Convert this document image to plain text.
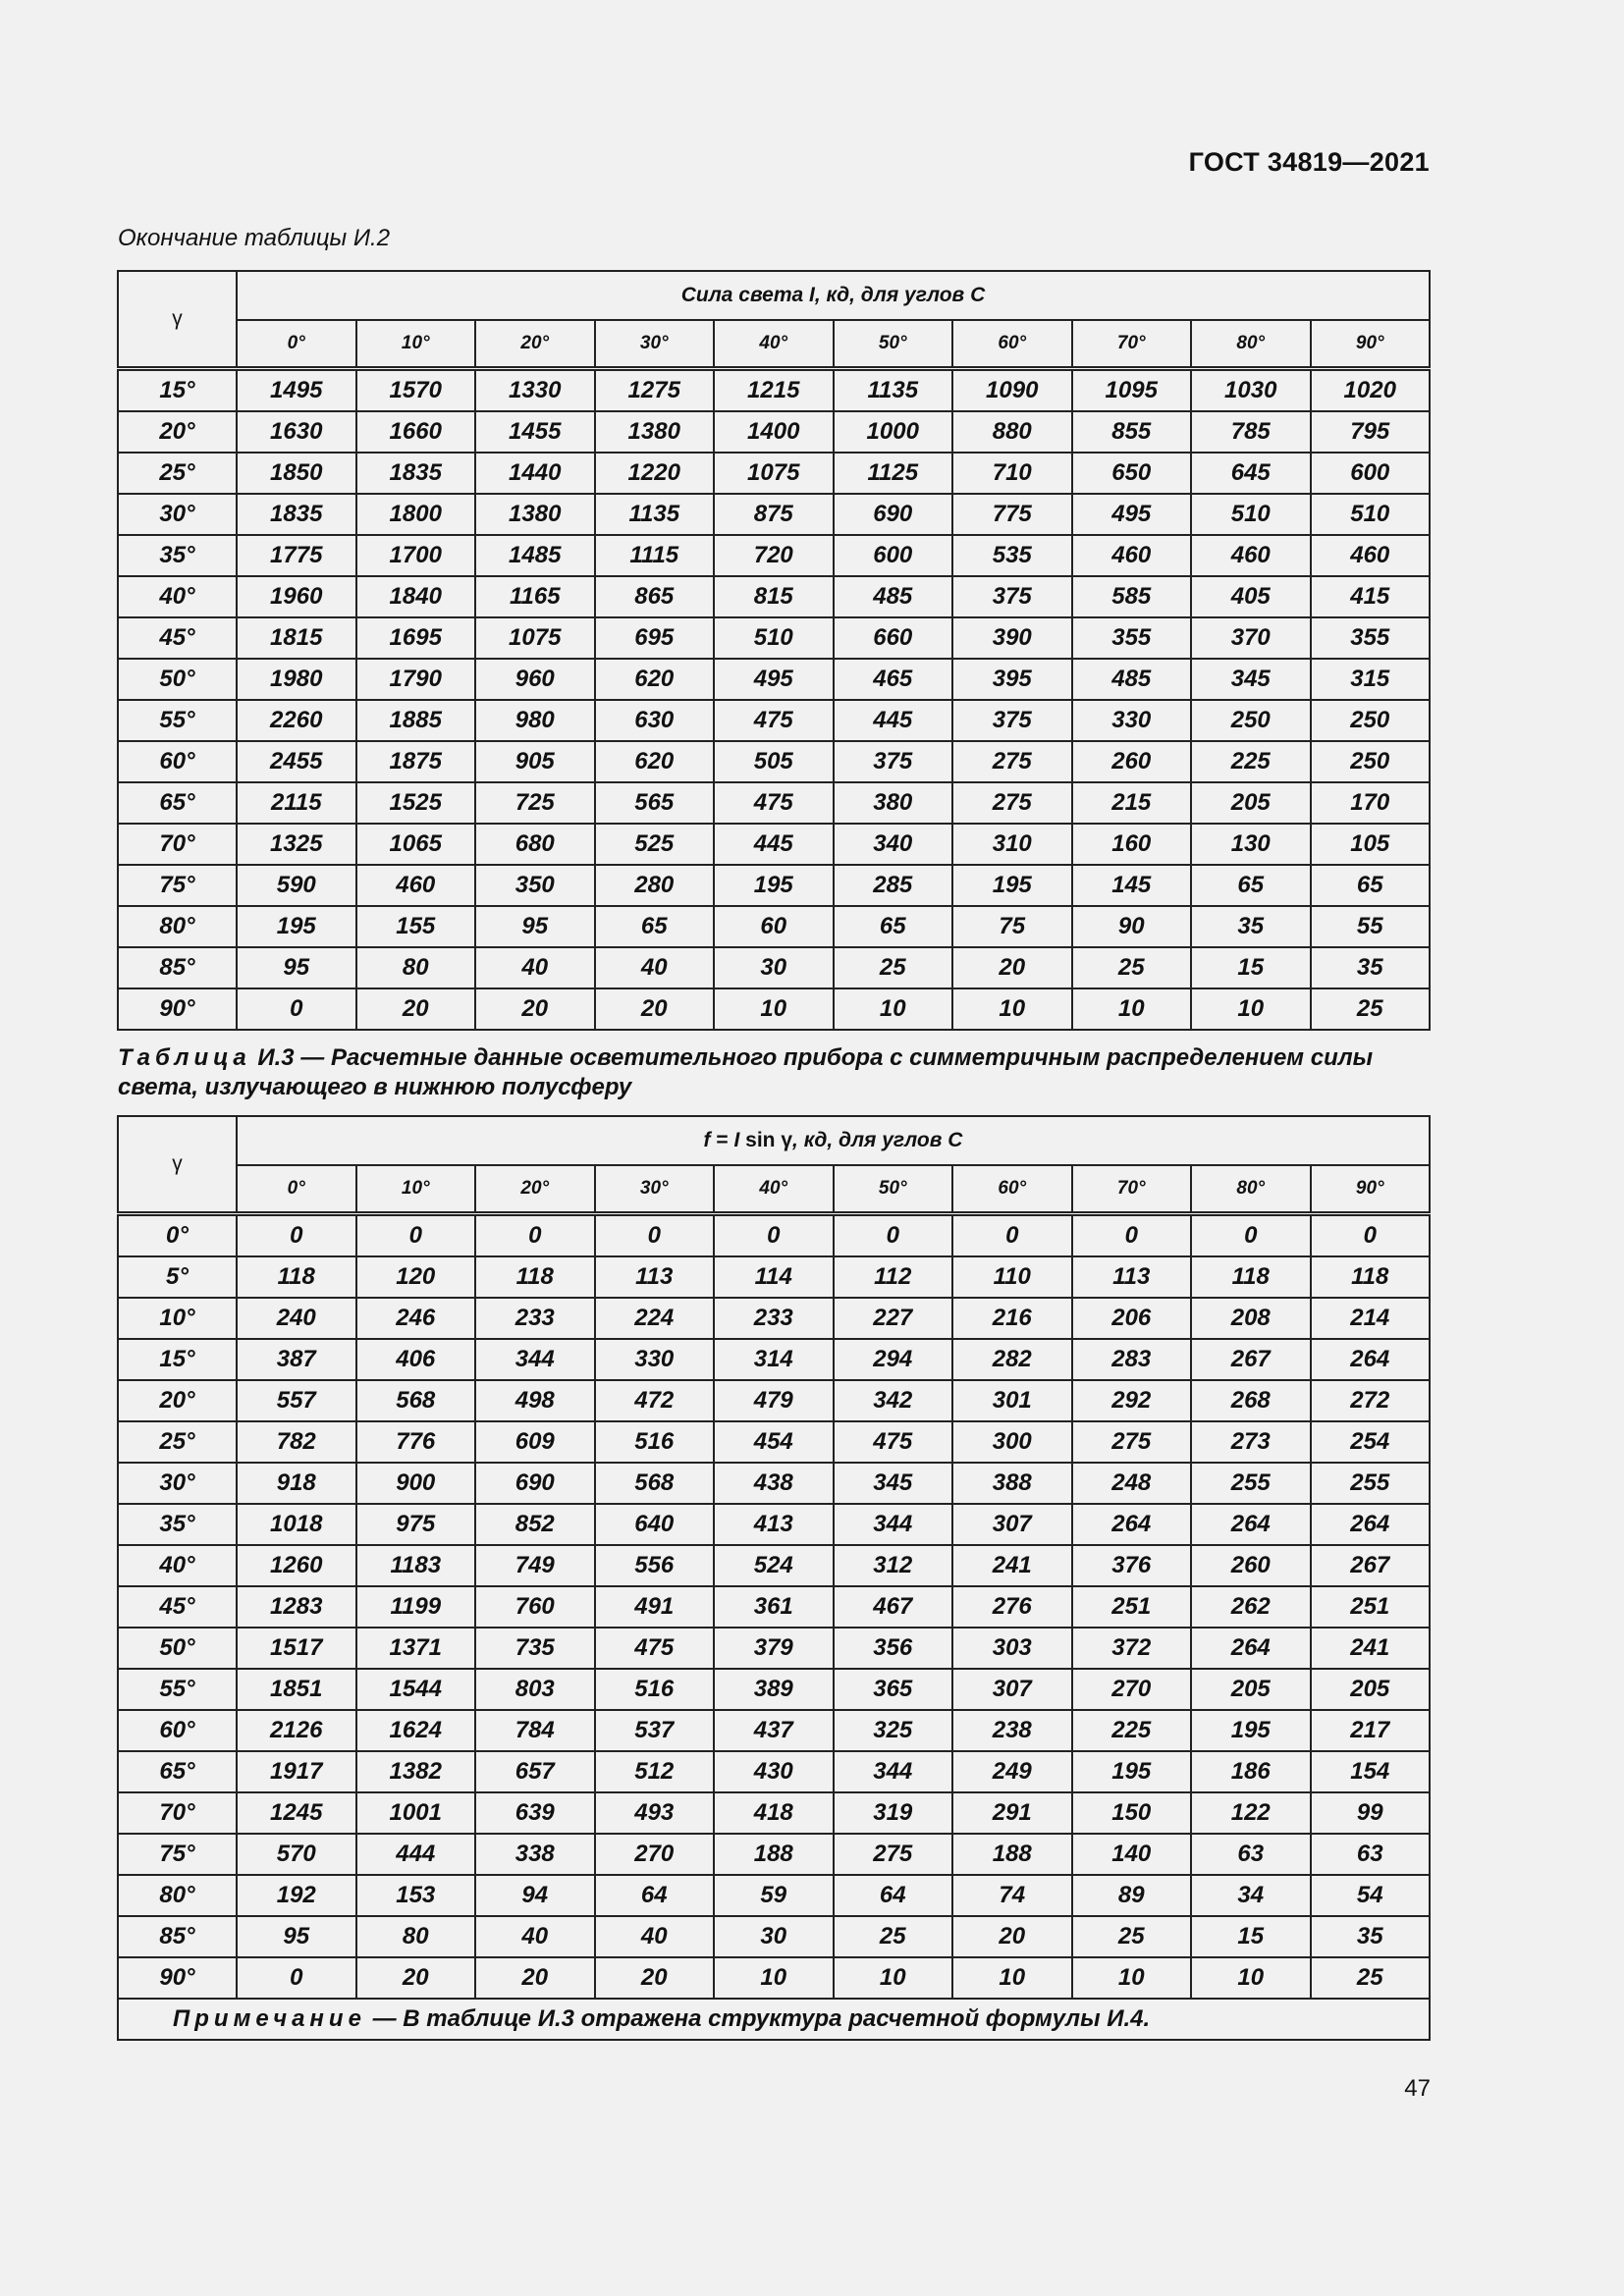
ГОСТ 34819—2021
Окончание таблицы И.2
γ	Сила света I, кд, для углов C									
	0°	10°	20°	30°	40°	50°	60°	70°	80°	90°
15°	1495	1570	1330	1275	1215	1135	1090	1095	1030	1020
20°	1630	1660	1455	1380	1400	1000	880	855	785	795
25°	1850	1835	1440	1220	1075	1125	710	650	645	600
30°	1835	1800	1380	1135	875	690	775	495	510	510
35°	1775	1700	1485	1115	720	600	535	460	460	460
40°	1960	1840	1165	865	815	485	375	585	405	415
45°	1815	1695	1075	695	510	660	390	355	370	355
50°	1980	1790	960	620	495	465	395	485	345	315
55°	2260	1885	980	630	475	445	375	330	250	250
60°	2455	1875	905	620	505	375	275	260	225	250
65°	2115	1525	725	565	475	380	275	215	205	170
70°	1325	1065	680	525	445	340	310	160	130	105
75°	590	460	350	280	195	285	195	145	65	65
80°	195	155	95	65	60	65	75	90	35	55
85°	95	80	40	40	30	25	20	25	15	35
90°	0	20	20	20	10	10	10	10	10	25
Таблица И.3 — Расчетные данные осветительного прибора с симметричным распределением силы света, излучающего в нижнюю полусферу
γ	f = I sin γ, кд, для углов C									
	0°	10°	20°	30°	40°	50°	60°	70°	80°	90°
0°	0	0	0	0	0	0	0	0	0	0
5°	118	120	118	113	114	112	110	113	118	118
10°	240	246	233	224	233	227	216	206	208	214
15°	387	406	344	330	314	294	282	283	267	264
20°	557	568	498	472	479	342	301	292	268	272
25°	782	776	609	516	454	475	300	275	273	254
30°	918	900	690	568	438	345	388	248	255	255
35°	1018	975	852	640	413	344	307	264	264	264
40°	1260	1183	749	556	524	312	241	376	260	267
45°	1283	1199	760	491	361	467	276	251	262	251
50°	1517	1371	735	475	379	356	303	372	264	241
55°	1851	1544	803	516	389	365	307	270	205	205
60°	2126	1624	784	537	437	325	238	225	195	217
65°	1917	1382	657	512	430	344	249	195	186	154
70°	1245	1001	639	493	418	319	291	150	122	99
75°	570	444	338	270	188	275	188	140	63	63
80°	192	153	94	64	59	64	74	89	34	54
85°	95	80	40	40	30	25	20	25	15	35
90°	0	20	20	20	10	10	10	10	10	25
Примечание — В таблице И.3 отражена структура расчетной формулы И.4.										
47
